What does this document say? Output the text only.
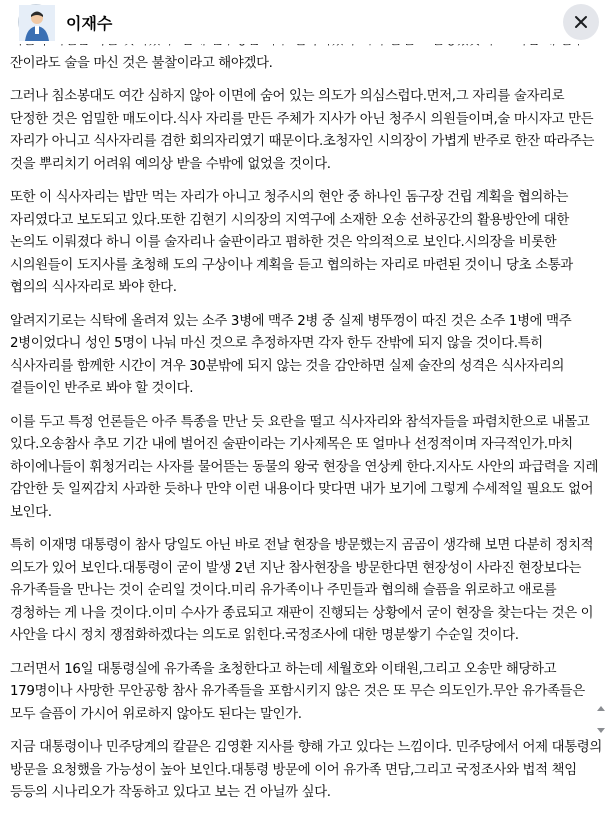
이재수

잔이라도 술을 마신 것은 불찰이라고 해야겠다.

그러나 침소봉대도 여간 심하지 않아 이면에 숨어 있는 의도가 의심스럽다.먼저,그 자리를 술자리로 단정한 것은 엄밀한 매도이다.식사 자리를 만든 주체가 지사가 아닌 청주시 의원들이며,술 마시자고 만든 자리가 아니고 식사자리를 겸한 회의자리였기 때문이다.초청자인 시의장이 가볍게 반주로 한잔 따라주는 것을 뿌리치기 어려워 예의상 받을 수밖에 없었을 것이다.

또한 이 식사자리는 밥만 먹는 자리가 아니고 청주시의 현안 중 하나인 돔구장 건립 계획을 협의하는 자리였다고 보도되고 있다.또한 김현기 시의장의 지역구에 소재한 오송 선하공간의 활용방안에 대한 논의도 이뤄졌다 하니 이를 술자리나 술판이라고 폄하한 것은 악의적으로 보인다.시의장을 비롯한 시의원들이 도지사를 초청해 도의 구상이나 계획을 듣고 협의하는 자리로 마련된 것이니 당초 소통과 협의의 식사자리로 봐야 한다.

알려지기로는 식탁에 올려져 있는 소주 3병에 맥주 2병 중 실제 병뚜껑이 따진 것은 소주 1병에 맥주 2병이었다니 성인 5명이 나눠 마신 것으로 추정하자면 각자 한두 잔밖에 되지 않을 것이다.특히 식사자리를 함께한 시간이 겨우 30분밖에 되지 않는 것을 감안하면 실제 술잔의 성격은 식사자리의 곁들이인 반주로 봐야 할 것이다.

이를 두고 특정 언론들은 아주 특종을 만난 듯 요란을 떨고 식사자리와 참석자들을 파렴치한으로 내몰고 있다.오송참사 추모 기간 내에 벌어진 술판이라는 기사제목은 또 얼마나 선정적이며 자극적인가.마치 하이에나들이 휘청거리는 사자를 물어뜯는 동물의 왕국 현장을 연상케 한다.지사도 사안의 파급력을 지레 감안한 듯 일찌감치 사과한 듯하나 만약 이런 내용이다 맞다면 내가 보기에 그렇게 수세적일 필요도 없어 보인다.

특히 이재명 대통령이 참사 당일도 아닌 바로 전날 현장을 방문했는지 곰곰이 생각해 보면 다분히 정치적 의도가 있어 보인다.대통령이 굳이 발생 2년 지난 참사현장을 방문한다면 현장성이 사라진 현장보다는 유가족들을 만나는 것이 순리일 것이다.미리 유가족이나 주민들과 협의해 슬픔을 위로하고 애로를 경청하는 게 나을 것이다.이미 수사가 종료되고 재판이 진행되는 상황에서 굳이 현장을 찾는다는 것은 이 사안을 다시 정치 쟁점화하겠다는 의도로 읽힌다.국정조사에 대한 명분쌓기 수순일 것이다.

그러면서 16일 대통령실에 유가족을 초청한다고 하는데 세월호와 이태원,그리고 오송만 해당하고 179명이나 사망한 무안공항 참사 유가족들을 포함시키지 않은 것은 또 무슨 의도인가.무안 유가족들은 모두 슬픔이 가시어 위로하지 않아도 된다는 말인가.

지금 대통령이나 민주당계의 칼끝은 김영환 지사를 향해 가고 있다는 느낌이다. 민주당에서 어제 대통령의 방문을 요청했을 가능성이 높아 보인다.대통령 방문에 이어 유가족 면담,그리고 국정조사와 법적 책임 등등의 시나리오가 작동하고 있다고 보는 건 아닐까 싶다.
